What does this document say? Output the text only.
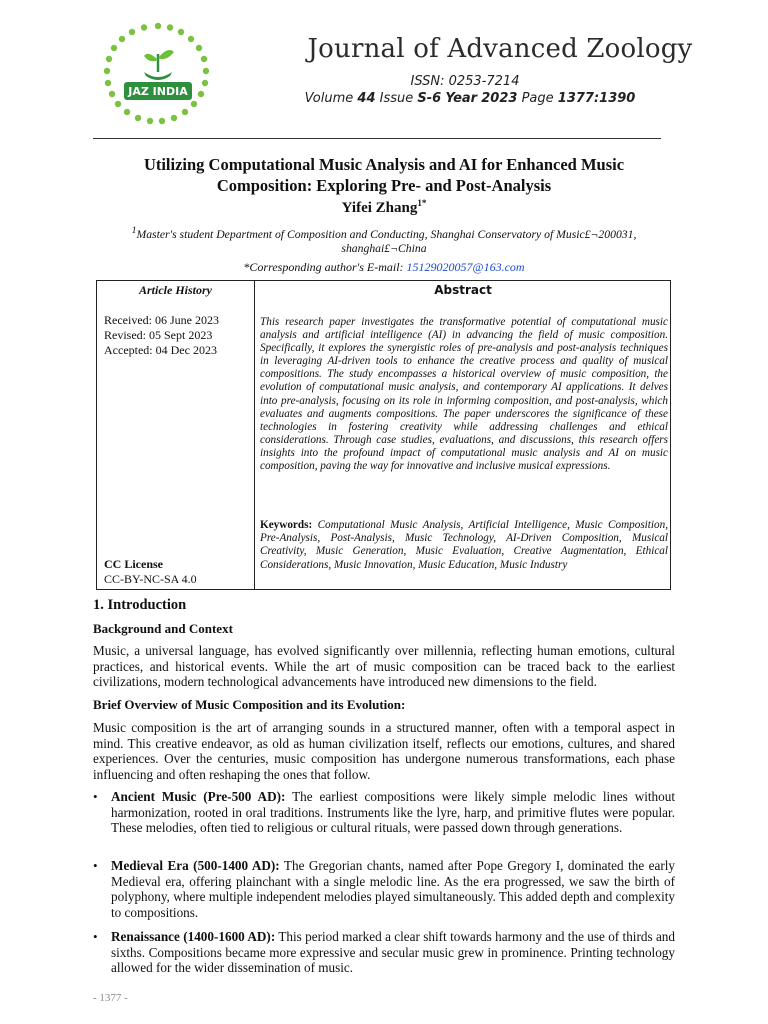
JAZ INDIA
Journal of Advanced Zoology
ISSN: 0253-7214
Volume 44 Issue S-6 Year 2023 Page 1377:1390
Utilizing Computational Music Analysis and AI for Enhanced Music
Composition: Exploring Pre- and Post-Analysis
Yifei Zhang$^{1*}$
$^1$Master's student Department of Composition and Conducting, Shanghai Conservatory of Music£¬200031,
shanghai£¬China
*Corresponding author's E-mail: 15129020057@163.com
Article History	Abstract
Received: 06 June 2023
Revised: 05 Sept 2023
Accepted: 04 Dec 2023
CC License
CC-BY-NC-SA 4.0
This research paper investigates the transformative potential of computational music analysis and artificial intelligence (AI) in advancing the field of music composition. Specifically, it explores the synergistic roles of pre-analysis and post-analysis techniques in leveraging AI-driven tools to enhance the creative process and quality of musical compositions. The study encompasses a historical overview of music composition, the evolution of computational music analysis, and contemporary AI applications. It delves into pre-analysis, focusing on its role in informing composition, and post-analysis, which evaluates and augments compositions. The paper underscores the significance of these technologies in fostering creativity while addressing challenges and ethical considerations. Through case studies, evaluations, and discussions, this research offers insights into the profound impact of computational music analysis and AI on music composition, paving the way for innovative and inclusive musical expressions.
Keywords: Computational Music Analysis, Artificial Intelligence, Music Composition, Pre-Analysis, Post-Analysis, Music Technology, AI-Driven Composition, Musical Creativity, Music Generation, Music Evaluation, Creative Augmentation, Ethical Considerations, Music Innovation, Music Education, Music Industry
1. Introduction
Background and Context
Music, a universal language, has evolved significantly over millennia, reflecting human emotions, cultural practices, and historical events. While the art of music composition can be traced back to the earliest civilizations, modern technological advancements have introduced new dimensions to the field.
Brief Overview of Music Composition and its Evolution:
Music composition is the art of arranging sounds in a structured manner, often with a temporal aspect in mind. This creative endeavor, as old as human civilization itself, reflects our emotions, cultures, and shared experiences. Over the centuries, music composition has undergone numerous transformations, each phase influencing and often reshaping the ones that follow.
• Ancient Music (Pre-500 AD): The earliest compositions were likely simple melodic lines without harmonization, rooted in oral traditions. Instruments like the lyre, harp, and primitive flutes were popular. These melodies, often tied to religious or cultural rituals, were passed down through generations.
• Medieval Era (500-1400 AD): The Gregorian chants, named after Pope Gregory I, dominated the early Medieval era, offering plainchant with a single melodic line. As the era progressed, we saw the birth of polyphony, where multiple independent melodies played simultaneously. This added depth and complexity to compositions.
• Renaissance (1400-1600 AD): This period marked a clear shift towards harmony and the use of thirds and sixths. Compositions became more expressive and secular music grew in prominence. Printing technology allowed for the wider dissemination of music.
- 1377 -
